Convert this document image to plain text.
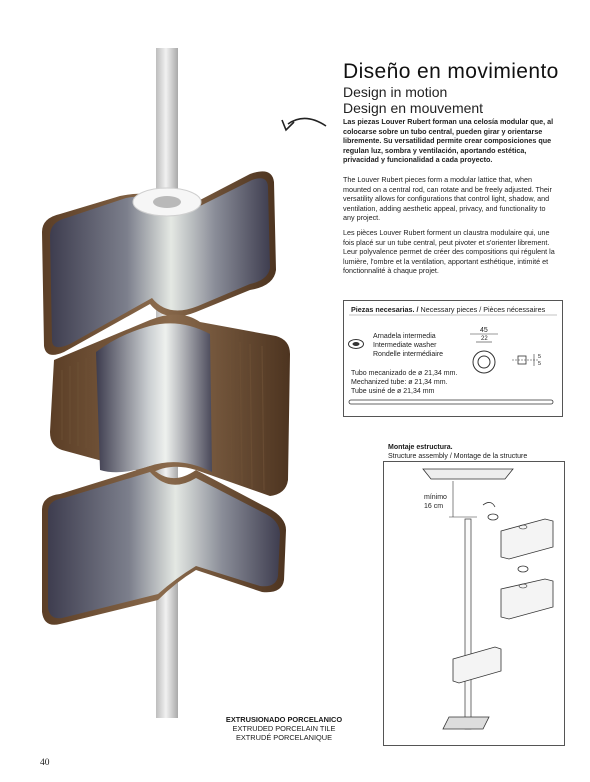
Diseño en movimiento
Design in motion
Design en mouvement
Las piezas Louver Rubert forman una celosía modular que, al colocarse sobre un tubo central, pueden girar y orientarse libremente. Su versatilidad permite crear composiciones que regulan luz, sombra y ventilación, aportando estética, privacidad y funcionalidad a cada proyecto.
The Louver Rubert pieces form a modular lattice that, when mounted on a central rod, can rotate and be freely adjusted. Their versatility allows for configurations that control light, shadow, and ventilation, adding aesthetic appeal, privacy, and functionality to any project.
Les pièces Louver Rubert forment un claustra modulaire qui, une fois placé sur un tube central, peut pivoter et s'orienter librement. Leur polyvalence permet de créer des compositions qui régulent la lumière, l'ombre et la ventilation, apportant esthétique, intimité et fonctionnalité à chaque projet.
Piezas necesarias. / Necessary pieces / Pièces nécessaires
Arnadela intermedia
Intermediate washer
Rondelle intermédiaire
45
22
5
5
Tubo mecanizado de ø 21,34 mm.
Mechanized tube: ø 21,34 mm.
Tube usiné de ø 21,34 mm
Montaje estructura.
Structure assembly / Montage de la structure
mínimo
16 cm
EXTRUSIONADO PORCELANICO
EXTRUDED PORCELAIN TILE
EXTRUDÉ PORCELANIQUE
40
